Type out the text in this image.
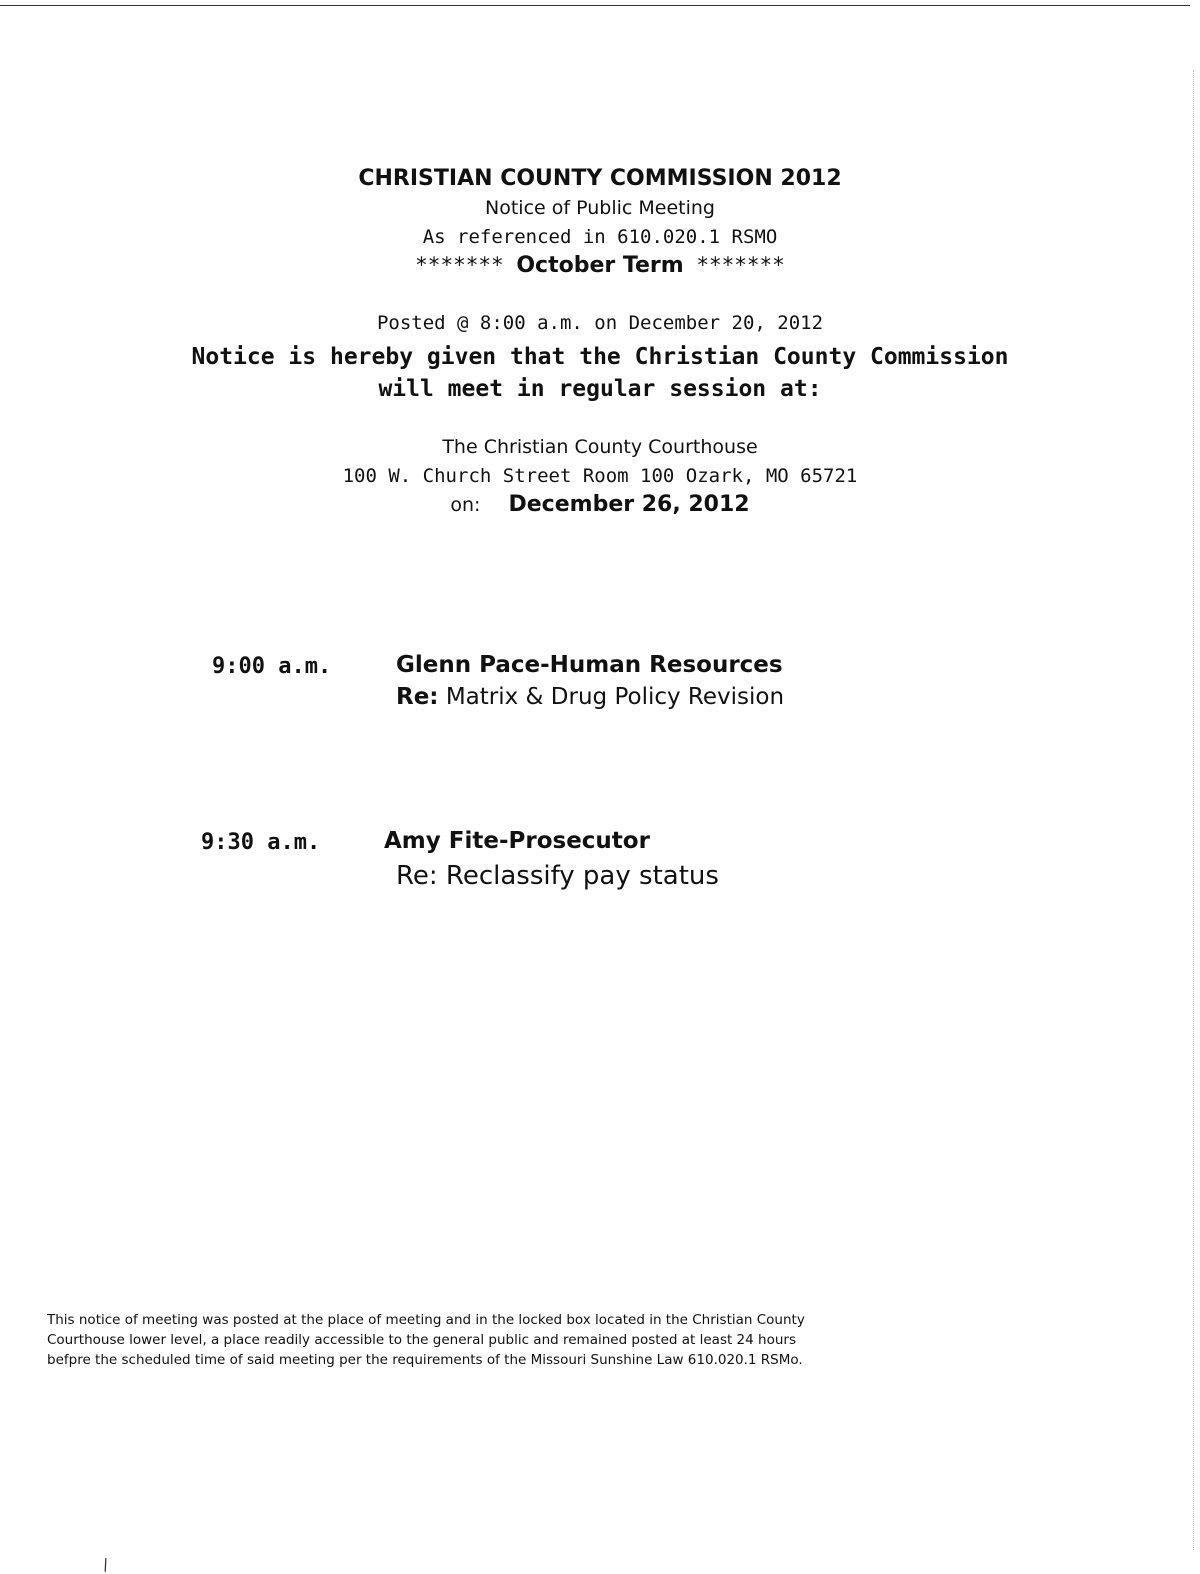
CHRISTIAN COUNTY COMMISSION 2012
Notice of Public Meeting
As referenced in 610.020.1 RSMO
******* October Term *******
Posted @ 8:00 a.m. on December 20, 2012
Notice is hereby given that the Christian County Commission
will meet in regular session at:
The Christian County Courthouse
100 W. Church Street Room 100 Ozark, MO 65721
on: December 26, 2012
9:00 a.m.	Glenn Pace-Human Resources
Re: Matrix & Drug Policy Revision
9:30 a.m.	Amy Fite-Prosecutor
Re: Reclassify pay status
This notice of meeting was posted at the place of meeting and in the locked box located in the Christian County
Courthouse lower level, a place readily accessible to the general public and remained posted at least 24 hours
befpre the scheduled time of said meeting per the requirements of the Missouri Sunshine Law 610.020.1 RSMo.
\
